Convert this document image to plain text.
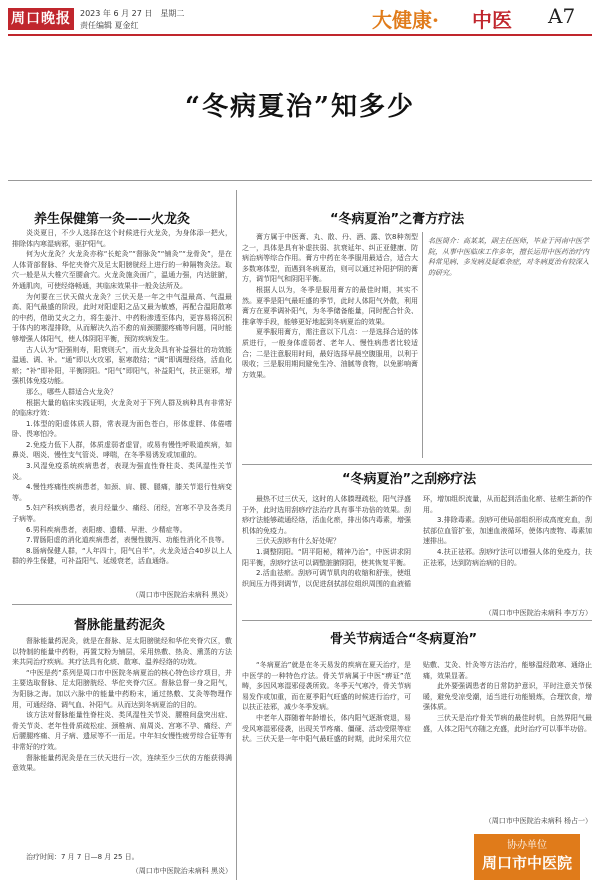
周口晚报	2023 年 6 月 27 日　星期二
责任编辑 夏金红	大健康· 中医 A7
“冬病夏治”知多少
养生保健第一灸——火龙灸

炎炎夏日，不少人选择在这个时候进行火龙灸，为身体添一把火，排除体内寒湿病邪，驱护阳气。

何为火龙灸？火龙灸亦称“长蛇灸”“督脉灸”“铺灸”“龙骨灸”，是在人体背部督脉、华佗夹脊穴及足太阳膀胱经上进行的一种隔物灸法。取穴一般是从大椎穴至腰俞穴。火龙灸施灸面广，温通力强，内达脏腑，外通肌肉，可使经络畅通，其临床效果非一般灸法所及。

为何要在三伏天做火龙灸？三伏天是一年之中气温最高、气温最高、阳气最盛的阶段，此时对阳虚阳之品又最为敏感，再配合温阳散寒的中药，借助艾火之力，将生姜汁、中药粉渗透至体内，更容易将沉积于体内的寒湿排除，从而解决久治不愈的肩颈腰腿疼痛等问题，同时能够增强人体阳气，使人体阴阳平衡，预防疾病发生。

古人认为“阳强则寿，阳衰则夭”，而火龙灸具有补益强壮的功效能温通、调、补。“通”即以火攻邪，驱寒散结；“调”即调理经络，活血化瘀；“补”即补阳，平衡阴阳。“阳气”即阳气，补益阳气，扶正驱邪，增强机体免疫功能。

那么，哪些人群适合火龙灸？

根据大量的临床实践证明，火龙灸对于下列人群及病种具有非常好的临床疗效：

1.体型的阳虚体质人群，常表现为面色苍白，形体虚胖、体倦嗜卧、畏寒怕冷。

2.免疫力低下人群，体质虚弱者虚冒，或易有慢性呼吸道疾病，如鼻炎、咽炎、慢性支气管炎、哮喘，在冬季易诱发或加重的。

3.风湿免疫系统疾病患者，表现为强直性脊柱炎、类风湿性关节炎。

4.慢性疼痛性疾病患者，如颈、肩、腰、腿痛，膝关节退行性病变等。

5.妇产科疾病患者，表月经量少、痛经、闭经，宫寒不孕及各类月子病等。

6.男科疾病患者，表阳痿、遗精、早泄、少精症等。

7.胃肠阳虚的消化道疾病患者，表慢性腹泻、功能性消化不良等。

8.肠病保健人群，“人年四十，阳气自半”，火龙灸适合40岁以上人群的养生保健，可补益阳气、延缓衰老，活血通络。

（周口市中医院治未病科 黑炎）
督脉能量药泥灸

督脉能量药泥灸，就是在督脉、足太阳膀胱经和华佗夹脊穴区，敷以特制的能量中药粉，再置艾粉为铺层，采用热敷、热灸、熏蒸的方法来共同治疗疾病。其疗法具有化痰、散寒、温养经络的功效。

“中医是药”系列是周口市中医院冬病夏治的核心特色诊疗项目，并主要选取督脉、足太阳膀胱经、华佗夹脊穴区。督脉总督一身之阳气，为阳脉之海。加以六脉中的能量中药粉末，通过热敷、艾灸等物理作用，可通经络、调气血、补阳气。从而达到冬病夏治的目的。

该方法对督脉能量性脊柱炎、类风湿性关节炎、腰椎间盘突出症、骨关节炎、老年性骨质疏松症、颈椎病、肩周炎、宫寒不孕、痛经、产后腰腿疼痛、月子病、遗尿等不一而足。中年妇女慢性疲劳综合征等有非常好的疗效。

督脉能量药泥灸是在三伏天进行一次，连续至少三伏的方能获得满意效果。

治疗时间：7 月 7 日—8 月 25 日。
（周口市中医院治未病科 黑炎）
“冬病夏治”之膏方疗法

膏方属于中医膏、丸、散、丹、酒、露、饮8种剂型之一，具体是具有补虚扶弱、抗衰延年、纠正亚健康、防病治病等综合作用。膏方中药在冬季服用最适合，适合大多数寒体型，而遇到冬病夏治，则可以通过补阳护阴的膏方，调节阳气和阴阳平衡。

根据人以为，冬季是服用膏方的最佳时期，其实不然。夏季是阳气最旺盛的季节，此时人体阳气外散，利用膏方在夏季调补阳气，为冬季储备能量，同时配合针灸、推拿等手段，能够更好地起到冬病夏治的效果。

夏季服用膏方，需注意以下几点：一是选择合适的体质进行，一般身体虚弱者、老年人、慢性病患者比较适合；二是注意服用时间，最好选择早晨空腹服用，以利于吸收；三是服用期间避免生冷、油腻等食物，以免影响膏方效果。

名医简介：高某某，副主任医师，毕业于河南中医学院，从事中医临床工作多年，擅长运用中医药治疗内科常见病、多发病及疑难杂症，对冬病夏治有较深入的研究。
“冬病夏治”之刮痧疗法

最热不过三伏天，这时的人体腠理疏松，阳气浮盛于外，此时选用刮痧疗法治疗具有事半功倍的效果。刮痧疗法能够疏通经络，活血化瘀，排出体内毒素，增强机体的免疫力。

三伏天刮痧有什么好处呢？

1.调整阴阳。“阴平阳秘，精神乃治”，中医讲求阴阳平衡，刮痧疗法可以调整脏腑阴阳，使其恢复平衡。

2.活血祛瘀。刮痧可调节肌肉的收缩和舒张，使组织间压力得到调节，以促进刮拭部位组织周围的血液循环，增加组织流量，从而起到活血化瘀、祛瘀生新的作用。

3.排除毒素。刮痧可使局部组织形成高度充血，刮拭部位血管扩张，加速血液循环，使体内废物、毒素加速排出。

4.扶正祛邪。刮痧疗法可以增强人体的免疫力，扶正祛邪，达到防病治病的目的。

（周口市中医院治未病科 李万方）
骨关节病适合“冬病夏治”

“冬病夏治”就是在冬天易发的疾病在夏天治疗，是中医学的一种特色疗法。骨关节病属于中医“痹证”范畴，多因风寒湿邪侵袭所致。冬季天气寒冷，骨关节病易发作或加重，而在夏季阳气旺盛的时候进行治疗，可以扶正祛邪，减少冬季发病。

中老年人群随着年龄增长，体内阳气逐渐衰退，易受风寒湿邪侵袭，出现关节疼痛、僵硬、活动受限等症状。三伏天是一年中阳气最旺盛的时期，此时采用穴位贴敷、艾灸、针灸等方法治疗，能够温经散寒、通络止痛，效果显著。

此外要强调患者的日常防护意识，平时注意关节保暖，避免受凉受潮，适当进行功能锻炼，合理饮食，增强体质。

三伏天是治疗骨关节病的最佳时机，自然界阳气最盛，人体之阳气亦随之充盛，此时治疗可以事半功倍。

（周口市中医院治未病科 杨占一）
协办单位
周口市中医院
